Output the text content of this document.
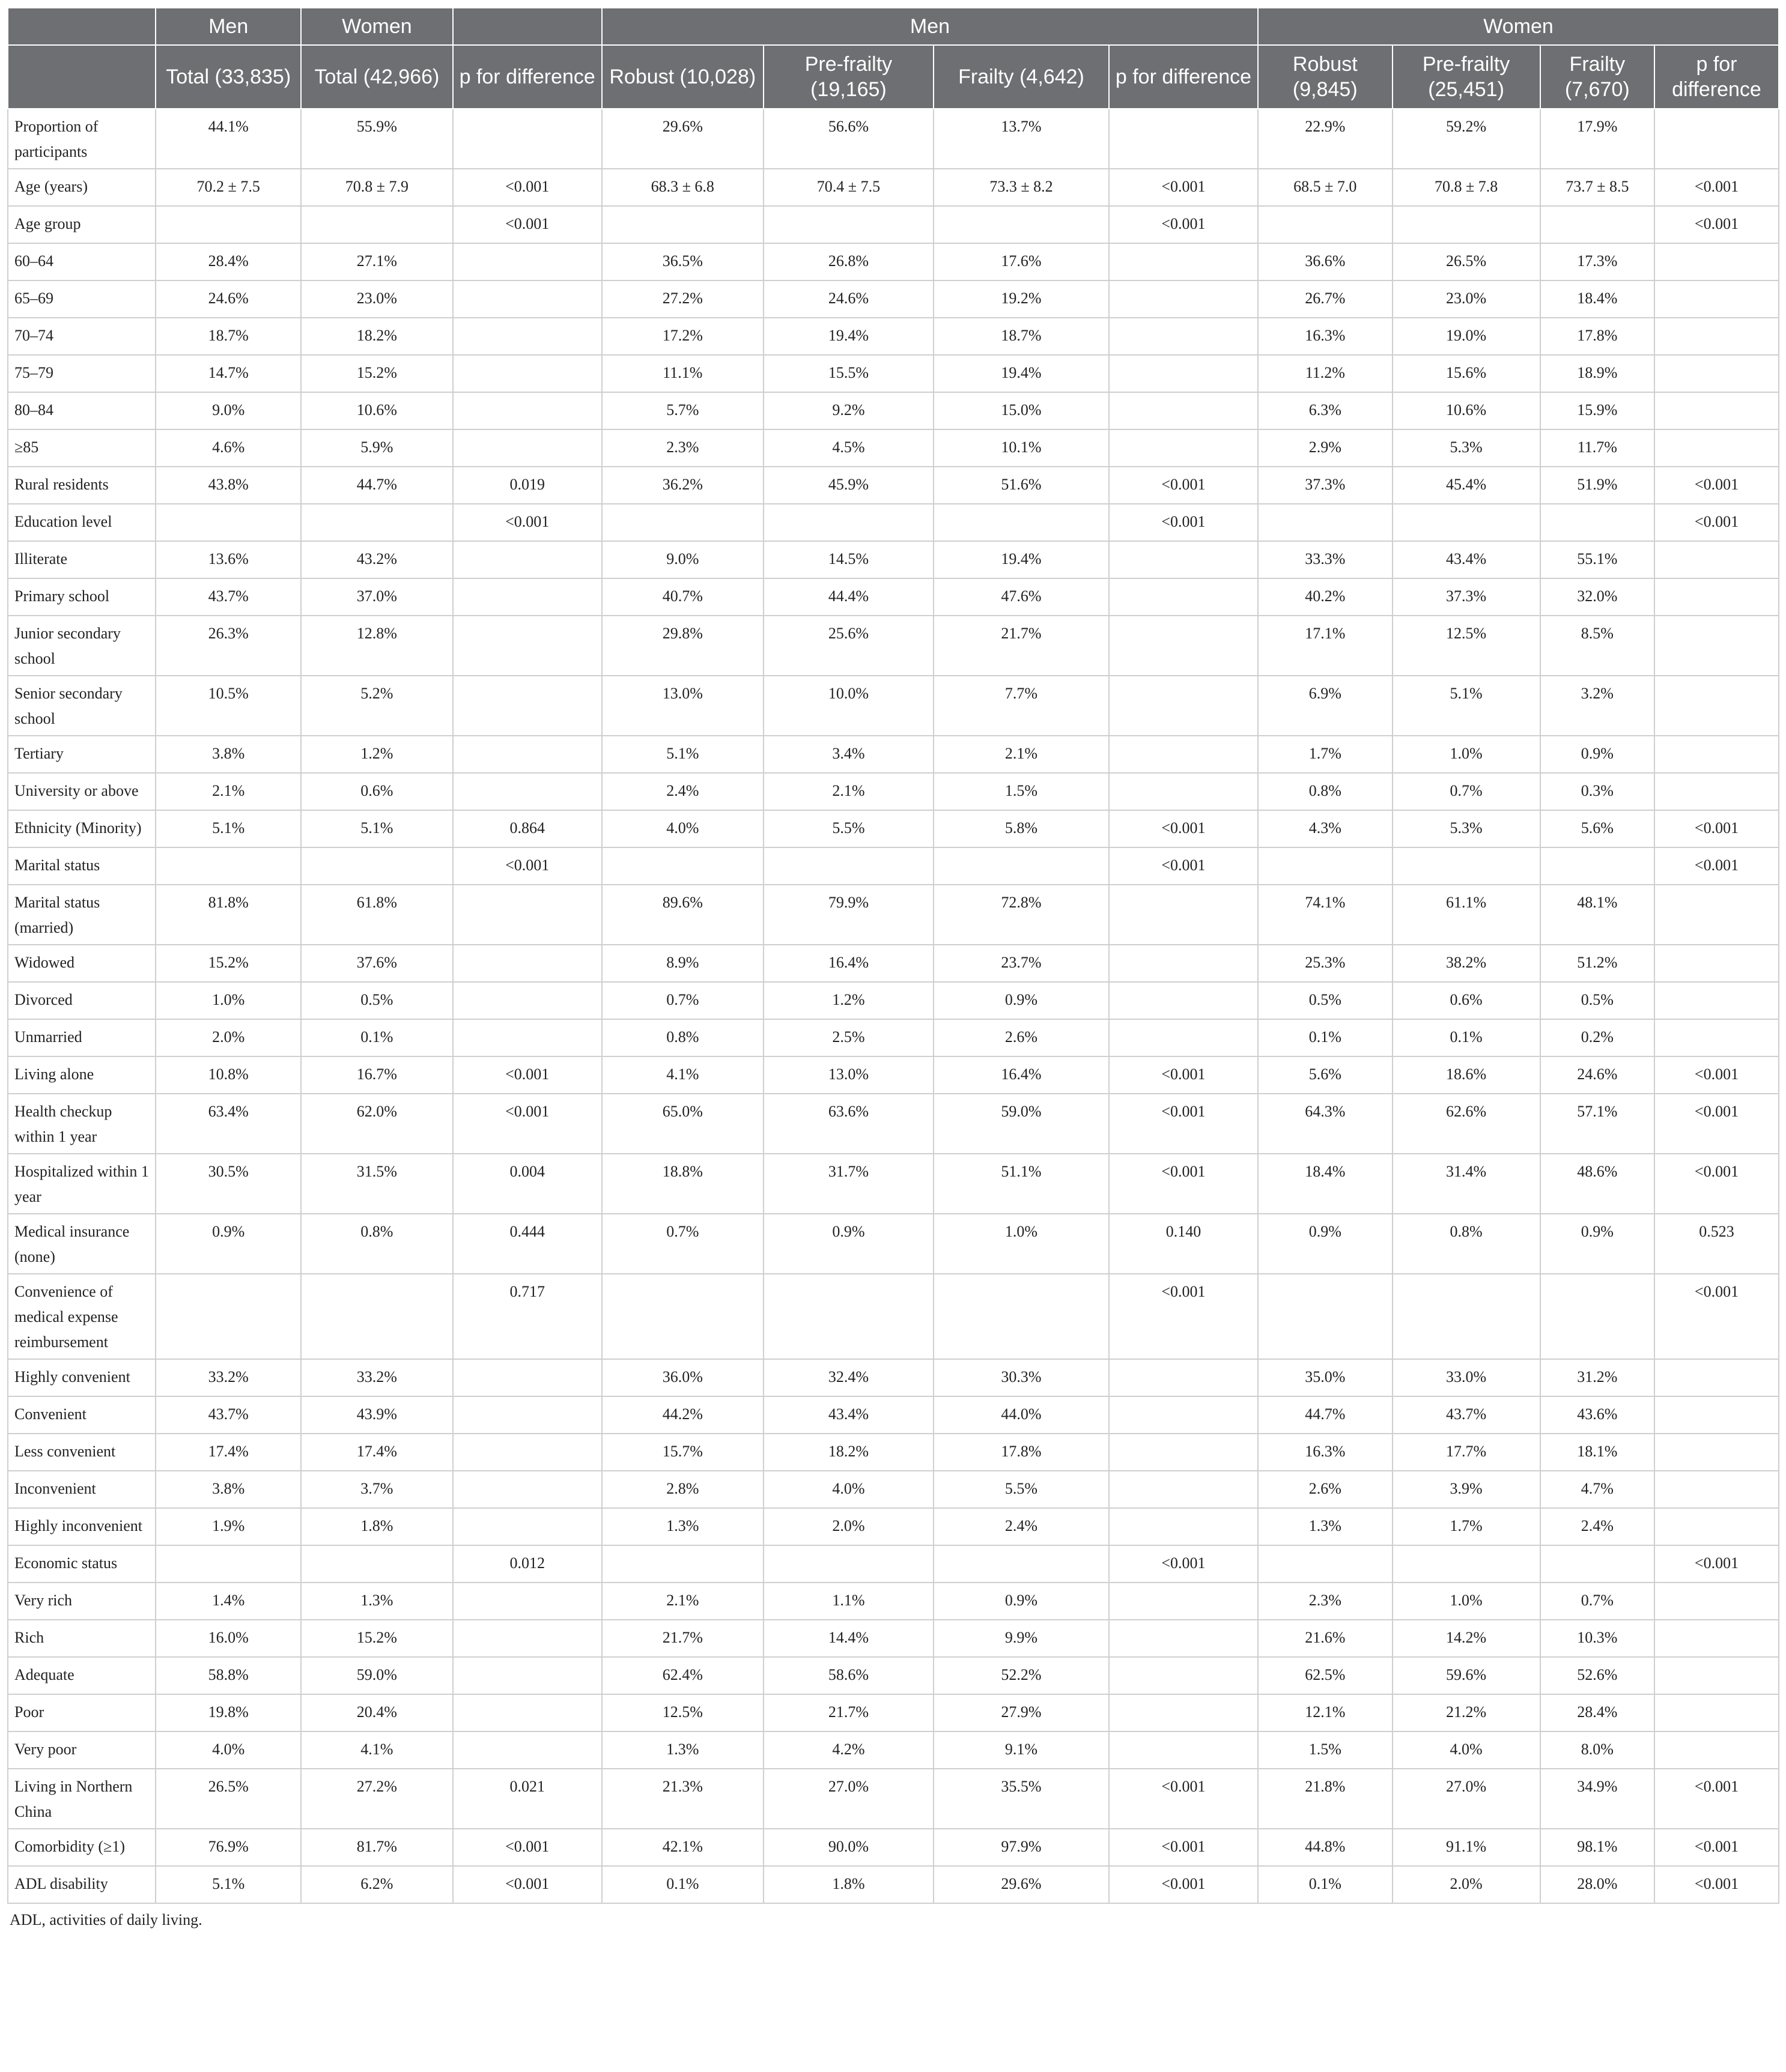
	Men	Women		Men				Women			
	Total (33,835)	Total (42,966)	p for difference	Robust (10,028)	Pre-frailty (19,165)	Frailty (4,642)	p for difference	Robust (9,845)	Pre-frailty (25,451)	Frailty (7,670)	p for difference
Proportion of participants	44.1%	55.9%		29.6%	56.6%	13.7%		22.9%	59.2%	17.9%	
Age (years)	70.2 ± 7.5	70.8 ± 7.9	<0.001	68.3 ± 6.8	70.4 ± 7.5	73.3 ± 8.2	<0.001	68.5 ± 7.0	70.8 ± 7.8	73.7 ± 8.5	<0.001
Age group			<0.001				<0.001				<0.001
60–64	28.4%	27.1%		36.5%	26.8%	17.6%		36.6%	26.5%	17.3%	
65–69	24.6%	23.0%		27.2%	24.6%	19.2%		26.7%	23.0%	18.4%	
70–74	18.7%	18.2%		17.2%	19.4%	18.7%		16.3%	19.0%	17.8%	
75–79	14.7%	15.2%		11.1%	15.5%	19.4%		11.2%	15.6%	18.9%	
80–84	9.0%	10.6%		5.7%	9.2%	15.0%		6.3%	10.6%	15.9%	
≥85	4.6%	5.9%		2.3%	4.5%	10.1%		2.9%	5.3%	11.7%	
Rural residents	43.8%	44.7%	0.019	36.2%	45.9%	51.6%	<0.001	37.3%	45.4%	51.9%	<0.001
Education level			<0.001				<0.001				<0.001
Illiterate	13.6%	43.2%		9.0%	14.5%	19.4%		33.3%	43.4%	55.1%	
Primary school	43.7%	37.0%		40.7%	44.4%	47.6%		40.2%	37.3%	32.0%	
Junior secondary school	26.3%	12.8%		29.8%	25.6%	21.7%		17.1%	12.5%	8.5%	
Senior secondary school	10.5%	5.2%		13.0%	10.0%	7.7%		6.9%	5.1%	3.2%	
Tertiary	3.8%	1.2%		5.1%	3.4%	2.1%		1.7%	1.0%	0.9%	
University or above	2.1%	0.6%		2.4%	2.1%	1.5%		0.8%	0.7%	0.3%	
Ethnicity (Minority)	5.1%	5.1%	0.864	4.0%	5.5%	5.8%	<0.001	4.3%	5.3%	5.6%	<0.001
Marital status			<0.001				<0.001				<0.001
Marital status (married)	81.8%	61.8%		89.6%	79.9%	72.8%		74.1%	61.1%	48.1%	
Widowed	15.2%	37.6%		8.9%	16.4%	23.7%		25.3%	38.2%	51.2%	
Divorced	1.0%	0.5%		0.7%	1.2%	0.9%		0.5%	0.6%	0.5%	
Unmarried	2.0%	0.1%		0.8%	2.5%	2.6%		0.1%	0.1%	0.2%	
Living alone	10.8%	16.7%	<0.001	4.1%	13.0%	16.4%	<0.001	5.6%	18.6%	24.6%	<0.001
Health checkup within 1 year	63.4%	62.0%	<0.001	65.0%	63.6%	59.0%	<0.001	64.3%	62.6%	57.1%	<0.001
Hospitalized within 1 year	30.5%	31.5%	0.004	18.8%	31.7%	51.1%	<0.001	18.4%	31.4%	48.6%	<0.001
Medical insurance (none)	0.9%	0.8%	0.444	0.7%	0.9%	1.0%	0.140	0.9%	0.8%	0.9%	0.523
Convenience of medical expense reimbursement			0.717				<0.001				<0.001
Highly convenient	33.2%	33.2%		36.0%	32.4%	30.3%		35.0%	33.0%	31.2%	
Convenient	43.7%	43.9%		44.2%	43.4%	44.0%		44.7%	43.7%	43.6%	
Less convenient	17.4%	17.4%		15.7%	18.2%	17.8%		16.3%	17.7%	18.1%	
Inconvenient	3.8%	3.7%		2.8%	4.0%	5.5%		2.6%	3.9%	4.7%	
Highly inconvenient	1.9%	1.8%		1.3%	2.0%	2.4%		1.3%	1.7%	2.4%	
Economic status			0.012				<0.001				<0.001
Very rich	1.4%	1.3%		2.1%	1.1%	0.9%		2.3%	1.0%	0.7%	
Rich	16.0%	15.2%		21.7%	14.4%	9.9%		21.6%	14.2%	10.3%	
Adequate	58.8%	59.0%		62.4%	58.6%	52.2%		62.5%	59.6%	52.6%	
Poor	19.8%	20.4%		12.5%	21.7%	27.9%		12.1%	21.2%	28.4%	
Very poor	4.0%	4.1%		1.3%	4.2%	9.1%		1.5%	4.0%	8.0%	
Living in Northern China	26.5%	27.2%	0.021	21.3%	27.0%	35.5%	<0.001	21.8%	27.0%	34.9%	<0.001
Comorbidity (≥1)	76.9%	81.7%	<0.001	42.1%	90.0%	97.9%	<0.001	44.8%	91.1%	98.1%	<0.001
ADL disability	5.1%	6.2%	<0.001	0.1%	1.8%	29.6%	<0.001	0.1%	2.0%	28.0%	<0.001
ADL, activities of daily living.
